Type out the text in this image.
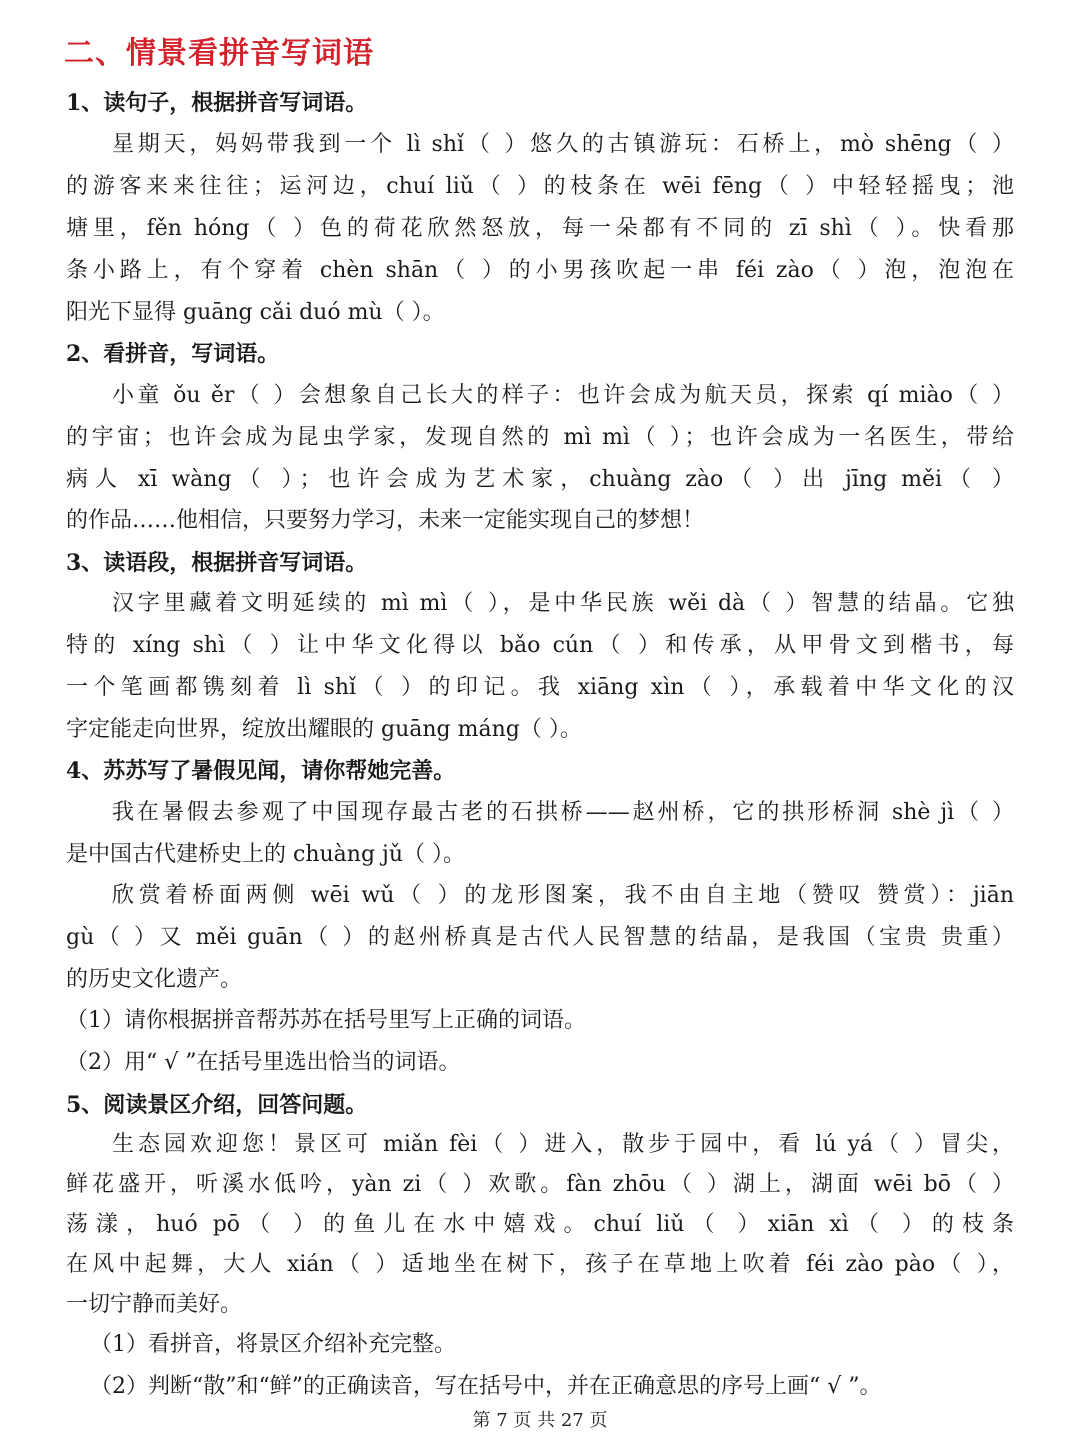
二、情景看拼音写词语
1、读句子，根据拼音写词语。
星期天，妈妈带我到一个 lì shǐ（ ）悠久的古镇游玩：石桥上，mò shēng（ ）
的游客来来往往；运河边，chuí liǔ（ ）的枝条在 wēi fēng（ ）中轻轻摇曳；池
塘里，fěn hóng（ ）色的荷花欣然怒放，每一朵都有不同的 zī shì（ ）。快看那
条小路上，有个穿着 chèn shān（ ）的小男孩吹起一串 féi zào（ ）泡，泡泡在
阳光下显得 guāng cǎi duó mù（ ）。
2、看拼音，写词语。
小童 ǒu ěr（ ）会想象自己长大的样子：也许会成为航天员，探索 qí miào（ ）
的宇宙；也许会成为昆虫学家，发现自然的 mì mì（ ）；也许会成为一名医生，带给
病人 xī wàng（ ）；也许会成为艺术家，chuàng zào（ ）出 jīng měi（ ）
的作品……他相信，只要努力学习，未来一定能实现自己的梦想！
3、读语段，根据拼音写词语。
汉字里藏着文明延续的 mì mì（ ），是中华民族 wěi dà（ ）智慧的结晶。它独
特的 xíng shì（ ）让中华文化得以 bǎo cún（ ）和传承，从甲骨文到楷书，每
一个笔画都镌刻着 lì shǐ（ ）的印记。我 xiāng xìn（ ），承载着中华文化的汉
字定能走向世界，绽放出耀眼的 guāng máng（ ）。
4、苏苏写了暑假见闻，请你帮她完善。
我在暑假去参观了中国现存最古老的石拱桥——赵州桥，它的拱形桥洞 shè jì（ ）
是中国古代建桥史上的 chuàng jǔ（ ）。
欣赏着桥面两侧 wēi wǔ（ ）的龙形图案，我不由自主地（赞叹 赞赏）：jiān
gù（ ）又 měi guān（ ）的赵州桥真是古代人民智慧的结晶，是我国（宝贵 贵重）
的历史文化遗产。
（1）请你根据拼音帮苏苏在括号里写上正确的词语。
（2）用“ √ ”在括号里选出恰当的词语。
5、阅读景区介绍，回答问题。
生态园欢迎您！景区可 miǎn fèi（ ）进入，散步于园中，看 lú yá（ ）冒尖，
鲜花盛开，听溪水低吟，yàn zi（ ）欢歌。fàn zhōu（ ）湖上，湖面 wēi bō（ ）
荡漾，huó pō（ ）的鱼儿在水中嬉戏。chuí liǔ（ ）xiān xì（ ）的枝条
在风中起舞，大人 xián（ ）适地坐在树下，孩子在草地上吹着 féi zào pào（ ），
一切宁静而美好。
（1）看拼音，将景区介绍补充完整。
（2）判断“散”和“鲜”的正确读音，写在括号中，并在正确意思的序号上画“ √ ”。
第 7 页 共 27 页
